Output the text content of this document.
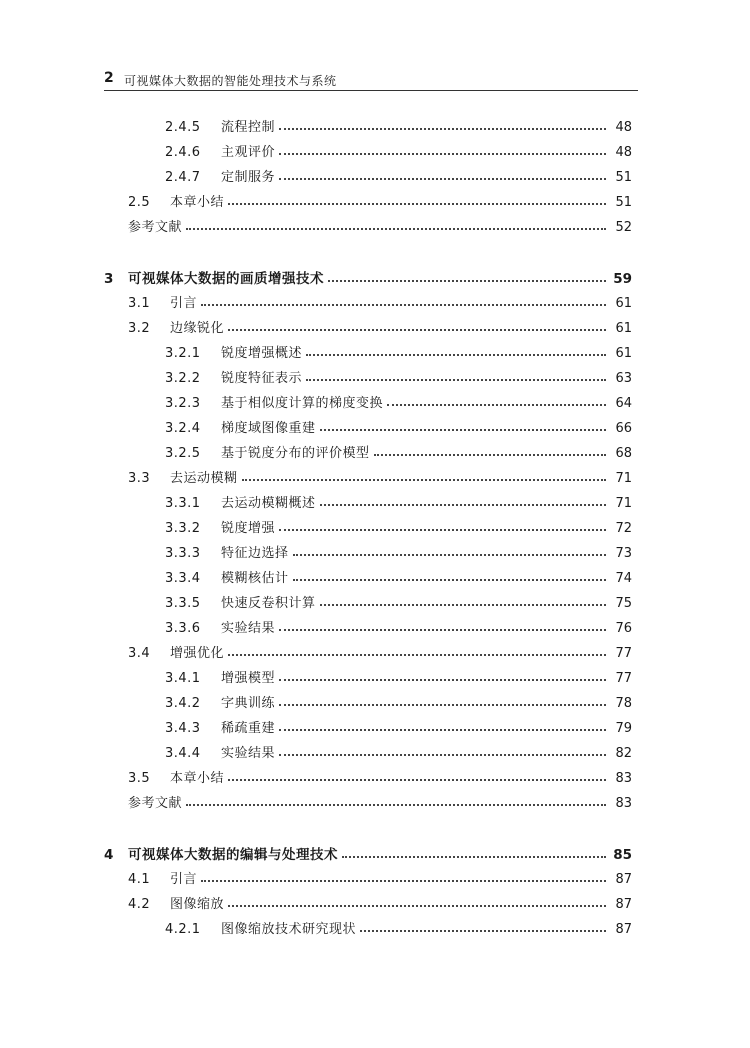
2 可视媒体大数据的智能处理技术与系统
2.4.5	流程控制	48
2.4.6	主观评价	48
2.4.7	定制服务	51
2.5	本章小结	51
参考文献	52
3	可视媒体大数据的画质增强技术	59
3.1	引言	61
3.2	边缘锐化	61
3.2.1	锐度增强概述	61
3.2.2	锐度特征表示	63
3.2.3	基于相似度计算的梯度变换	64
3.2.4	梯度域图像重建	66
3.2.5	基于锐度分布的评价模型	68
3.3	去运动模糊	71
3.3.1	去运动模糊概述	71
3.3.2	锐度增强	72
3.3.3	特征边选择	73
3.3.4	模糊核估计	74
3.3.5	快速反卷积计算	75
3.3.6	实验结果	76
3.4	增强优化	77
3.4.1	增强模型	77
3.4.2	字典训练	78
3.4.3	稀疏重建	79
3.4.4	实验结果	82
3.5	本章小结	83
参考文献	83
4	可视媒体大数据的编辑与处理技术	85
4.1	引言	87
4.2	图像缩放	87
4.2.1	图像缩放技术研究现状	87
